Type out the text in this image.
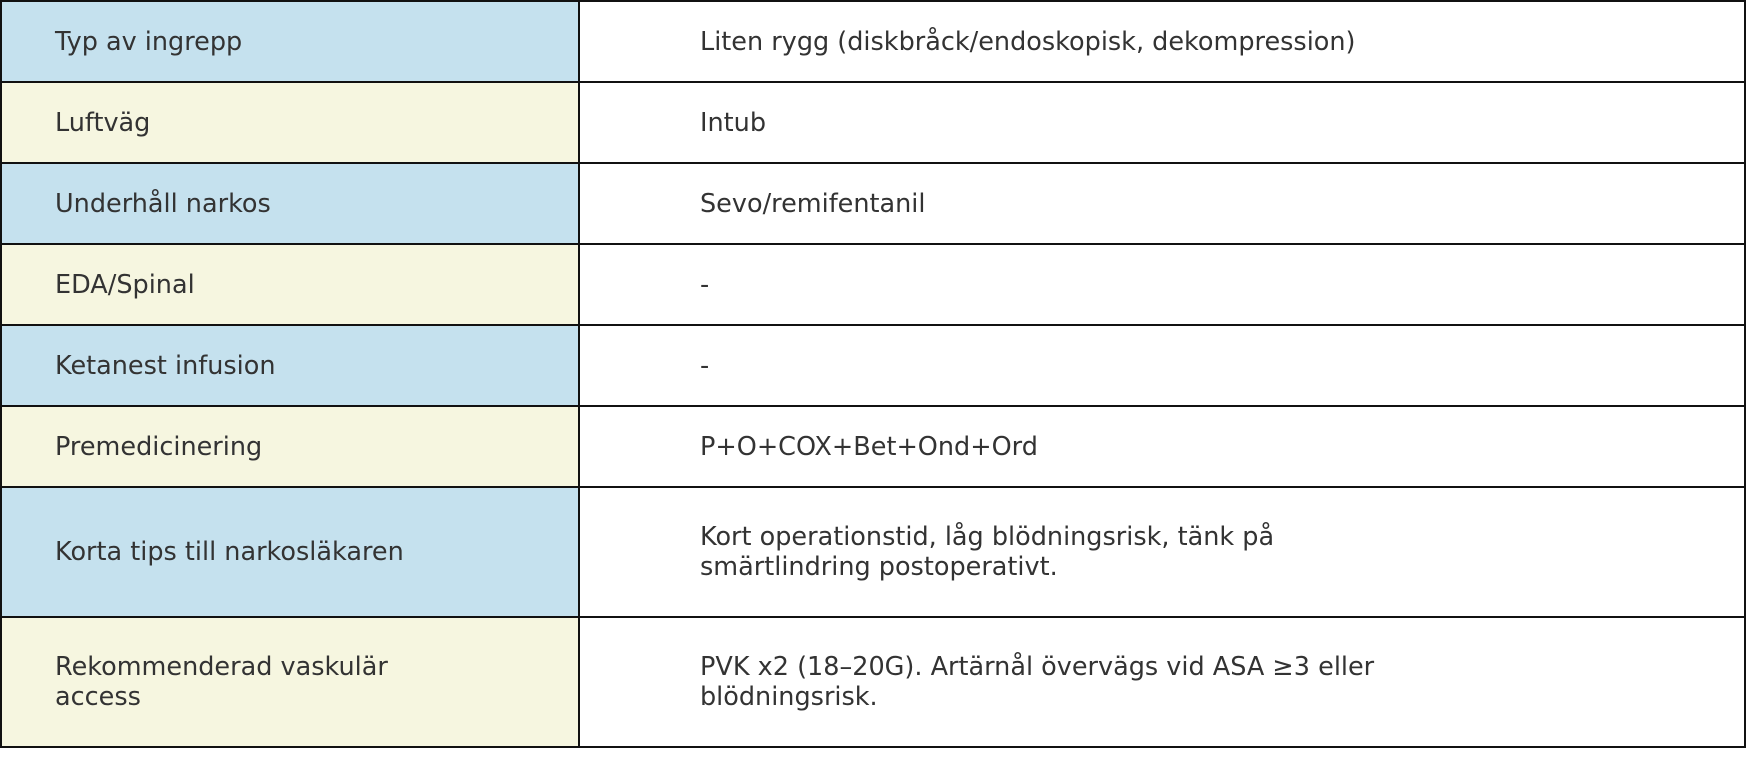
Typ av ingrepp	Liten rygg (diskbråck/endoskopisk, dekompression)

Luftväg	Intub

Underhåll narkos	Sevo/remifentanil

EDA/Spinal	-

Ketanest infusion	-

Premedicinering	P+O+COX+Bet+Ond+Ord

Korta tips till narkosläkaren	Kort operationstid, låg blödningsrisk, tänk på smärtlindring postoperativt.

Rekommenderad vaskulär access	PVK x2 (18–20G). Artärnål övervägs vid ASA ≥3 eller blödningsrisk.
